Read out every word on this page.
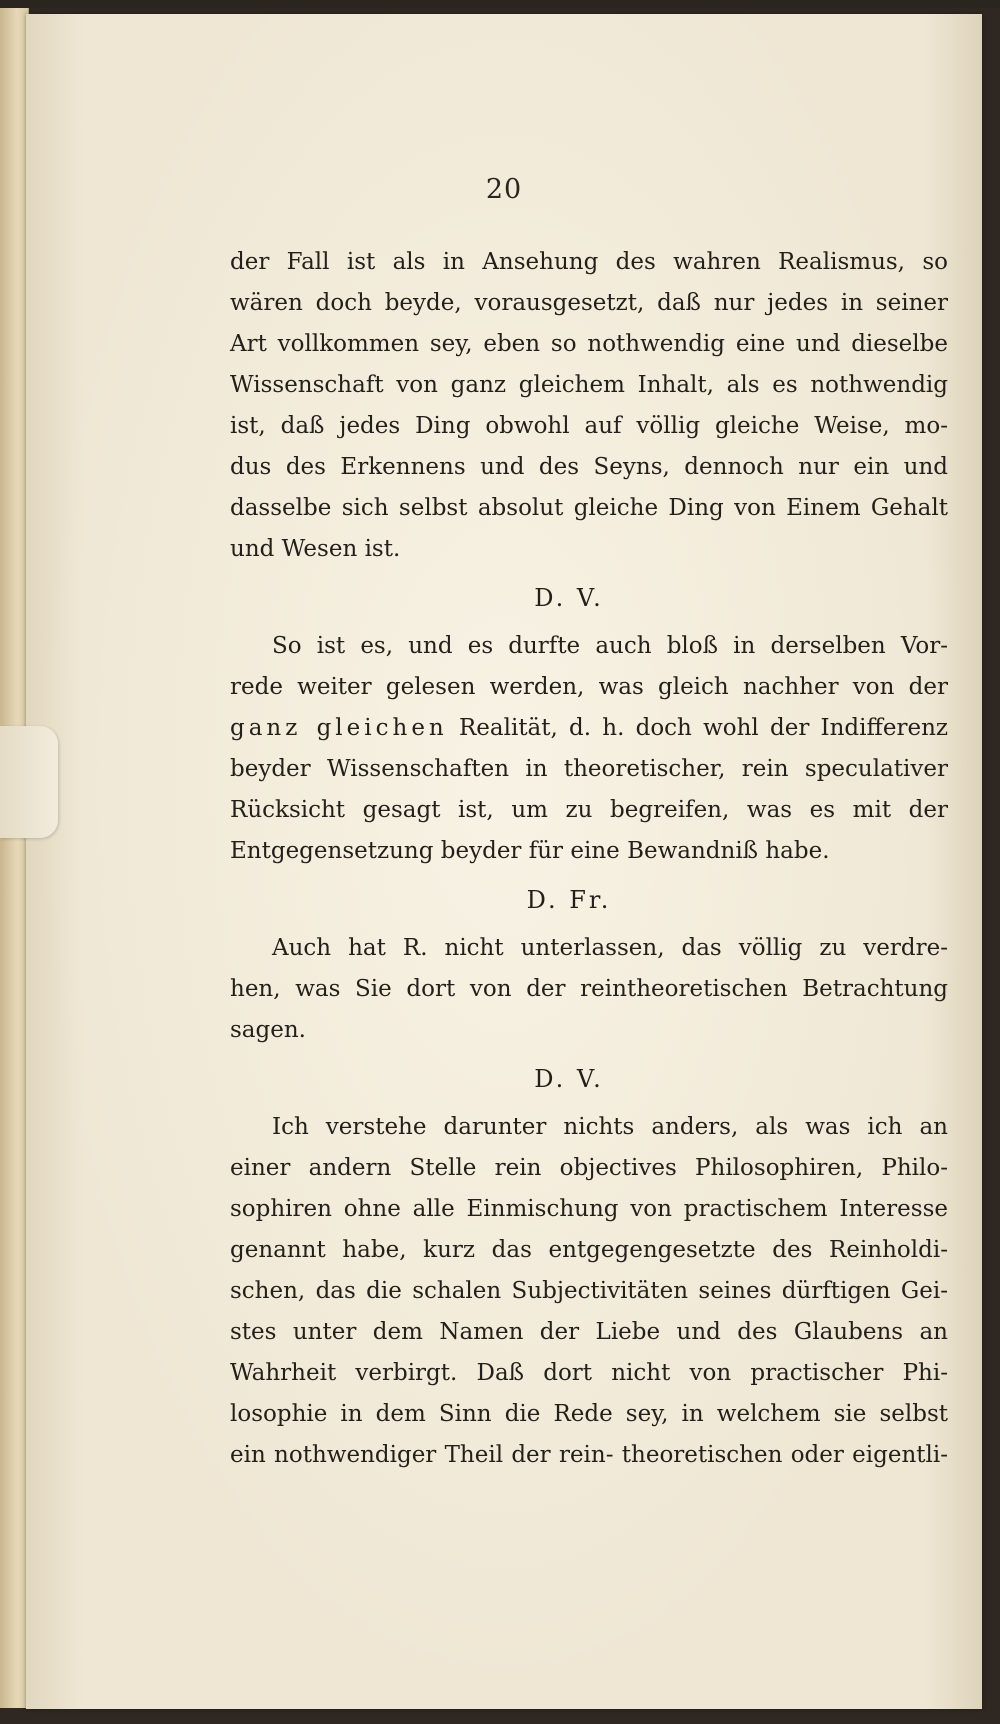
20
der Fall ist als in Ansehung des wahren Realismus, so
wären doch beyde, vorausgesetzt, daß nur jedes in seiner
Art vollkommen sey, eben so nothwendig eine und dieselbe
Wissenschaft von ganz gleichem Inhalt, als es nothwendig
ist, daß jedes Ding obwohl auf völlig gleiche Weise, mo-
dus des Erkennens und des Seyns, dennoch nur ein und
dasselbe sich selbst absolut gleiche Ding von Einem Gehalt
und Wesen ist.
D. V.
So ist es, und es durfte auch bloß in derselben Vor-
rede weiter gelesen werden, was gleich nachher von der
ganz gleichen Realität, d. h. doch wohl der Indifferenz
beyder Wissenschaften in theoretischer, rein speculativer
Rücksicht gesagt ist, um zu begreifen, was es mit der
Entgegensetzung beyder für eine Bewandniß habe.
D. Fr.
Auch hat R. nicht unterlassen, das völlig zu verdre-
hen, was Sie dort von der reintheoretischen Betrachtung
sagen.
D. V.
Ich verstehe darunter nichts anders, als was ich an
einer andern Stelle rein objectives Philosophiren, Philo-
sophiren ohne alle Einmischung von practischem Interesse
genannt habe, kurz das entgegengesetzte des Reinholdi-
schen, das die schalen Subjectivitäten seines dürftigen Gei-
stes unter dem Namen der Liebe und des Glaubens an
Wahrheit verbirgt. Daß dort nicht von practischer Phi-
losophie in dem Sinn die Rede sey, in welchem sie selbst
ein nothwendiger Theil der rein- theoretischen oder eigentli-
